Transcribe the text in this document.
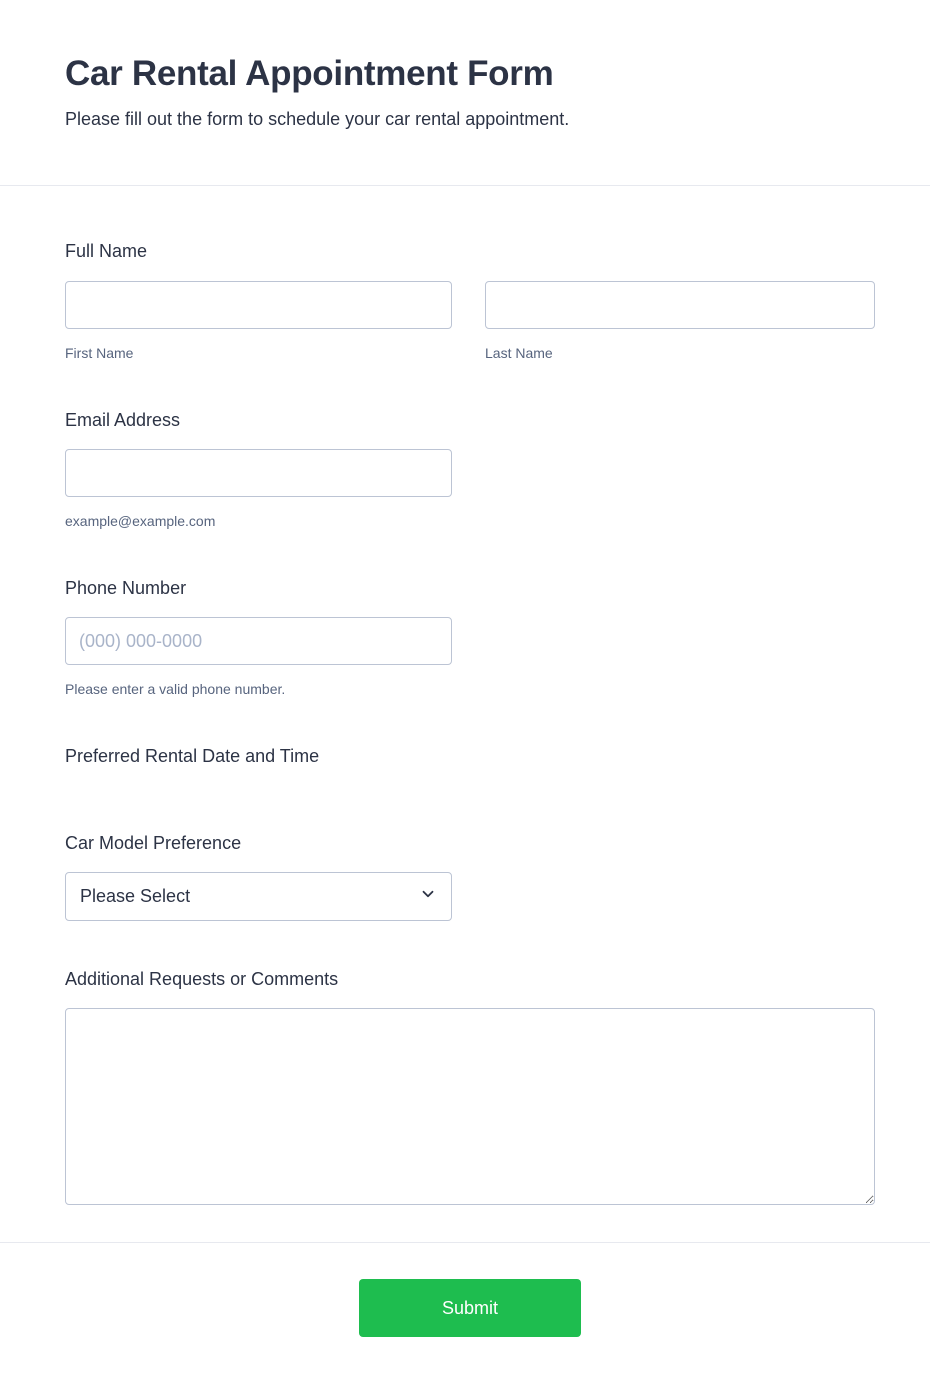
Car Rental Appointment Form
Please fill out the form to schedule your car rental appointment.
Full Name
First Name	Last Name
Email Address
example@example.com
Phone Number
(000) 000-0000
Please enter a valid phone number.
Preferred Rental Date and Time
Car Model Preference
Please Select
Additional Requests or Comments
Submit
